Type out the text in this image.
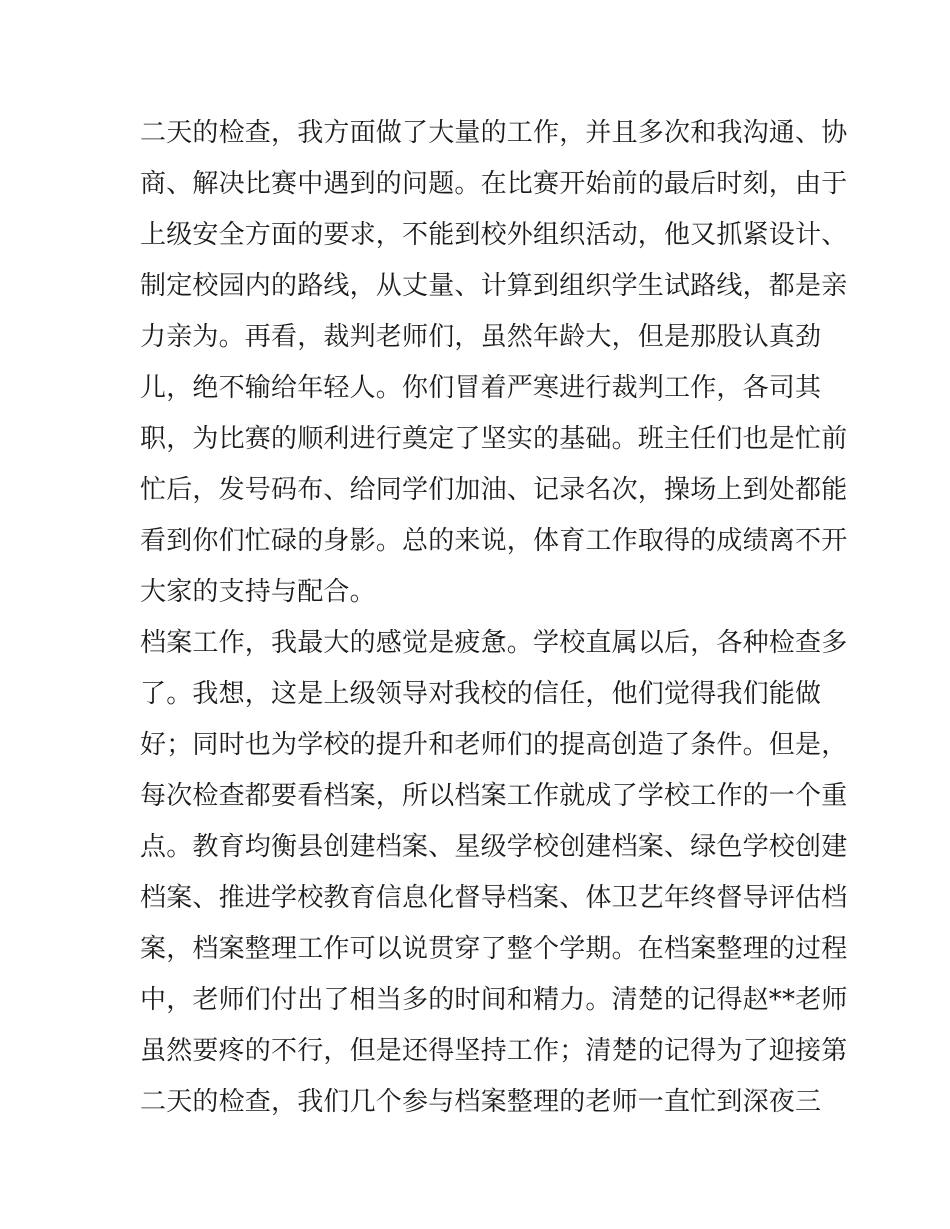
二天的检查，我方面做了大量的工作，并且多次和我沟通、协
商、解决比赛中遇到的问题。在比赛开始前的最后时刻，由于
上级安全方面的要求，不能到校外组织活动，他又抓紧设计、
制定校园内的路线，从丈量、计算到组织学生试路线，都是亲
力亲为。再看，裁判老师们，虽然年龄大，但是那股认真劲
儿，绝不输给年轻人。你们冒着严寒进行裁判工作，各司其
职，为比赛的顺利进行奠定了坚实的基础。班主任们也是忙前
忙后，发号码布、给同学们加油、记录名次，操场上到处都能
看到你们忙碌的身影。总的来说，体育工作取得的成绩离不开
大家的支持与配合。
档案工作，我最大的感觉是疲惫。学校直属以后，各种检查多
了。我想，这是上级领导对我校的信任，他们觉得我们能做
好；同时也为学校的提升和老师们的提高创造了条件。但是，
每次检查都要看档案，所以档案工作就成了学校工作的一个重
点。教育均衡县创建档案、星级学校创建档案、绿色学校创建
档案、推进学校教育信息化督导档案、体卫艺年终督导评估档
案，档案整理工作可以说贯穿了整个学期。在档案整理的过程
中，老师们付出了相当多的时间和精力。清楚的记得赵**老师
虽然要疼的不行，但是还得坚持工作；清楚的记得为了迎接第
二天的检查，我们几个参与档案整理的老师一直忙到深夜三
